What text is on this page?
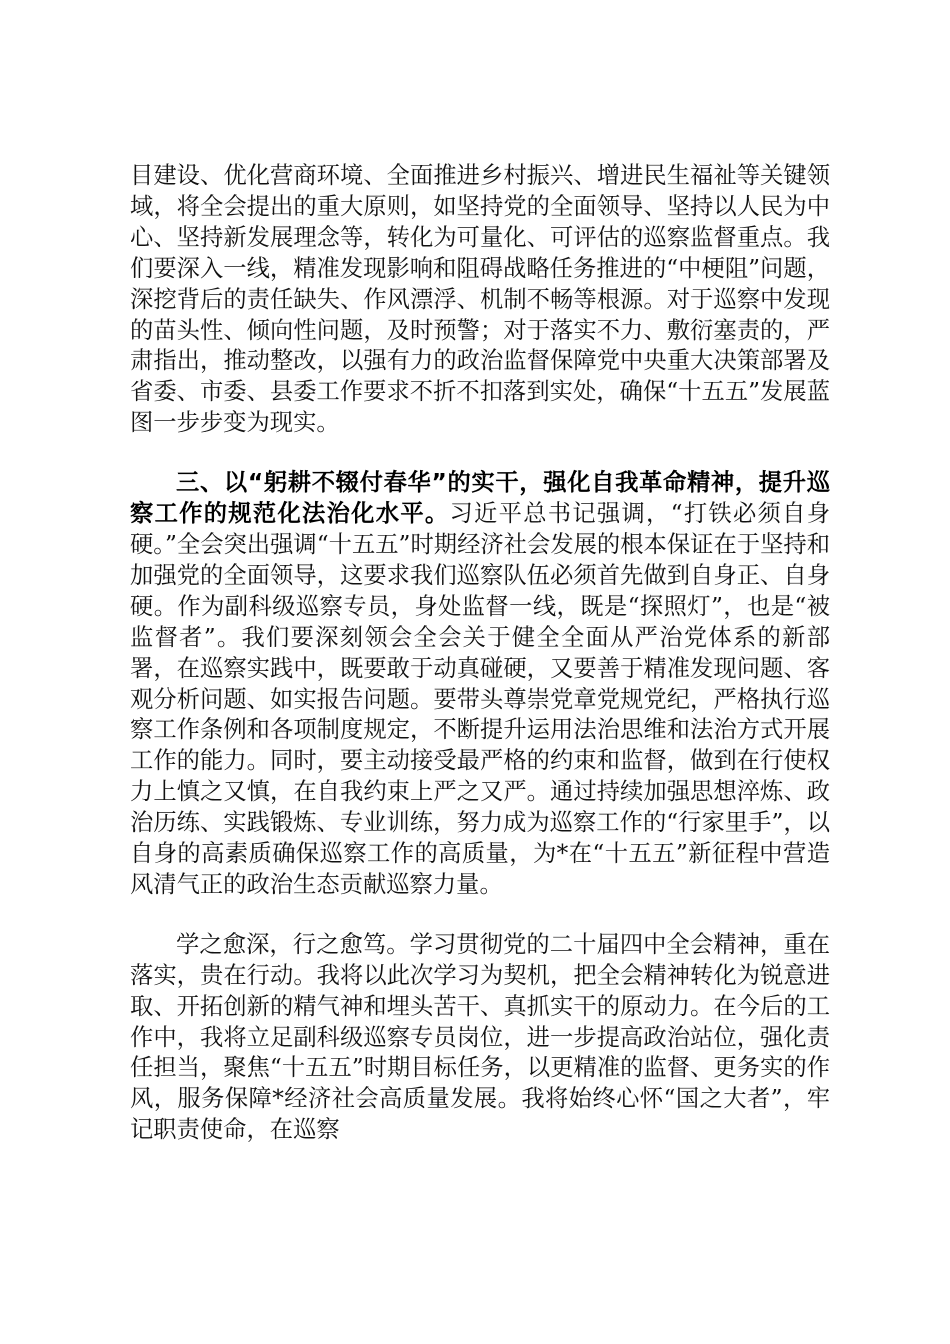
目建设、优化营商环境、全面推进乡村振兴、增进民生福祉等关键领域，将全会提出的重大原则，如坚持党的全面领导、坚持以人民为中心、坚持新发展理念等，转化为可量化、可评估的巡察监督重点。我们要深入一线，精准发现影响和阻碍战略任务推进的“中梗阻”问题，深挖背后的责任缺失、作风漂浮、机制不畅等根源。对于巡察中发现的苗头性、倾向性问题，及时预警；对于落实不力、敷衍塞责的，严肃指出，推动整改，以强有力的政治监督保障党中央重大决策部署及省委、市委、县委工作要求不折不扣落到实处，确保“十五五”发展蓝图一步步变为现实。

三、以“躬耕不辍付春华”的实干，强化自我革命精神，提升巡察工作的规范化法治化水平。习近平总书记强调，“打铁必须自身硬。”全会突出强调“十五五”时期经济社会发展的根本保证在于坚持和加强党的全面领导，这要求我们巡察队伍必须首先做到自身正、自身硬。作为副科级巡察专员，身处监督一线，既是“探照灯”，也是“被监督者”。我们要深刻领会全会关于健全全面从严治党体系的新部署，在巡察实践中，既要敢于动真碰硬，又要善于精准发现问题、客观分析问题、如实报告问题。要带头尊崇党章党规党纪，严格执行巡察工作条例和各项制度规定，不断提升运用法治思维和法治方式开展工作的能力。同时，要主动接受最严格的约束和监督，做到在行使权力上慎之又慎，在自我约束上严之又严。通过持续加强思想淬炼、政治历练、实践锻炼、专业训练，努力成为巡察工作的“行家里手”，以自身的高素质确保巡察工作的高质量，为*在“十五五”新征程中营造风清气正的政治生态贡献巡察力量。

学之愈深，行之愈笃。学习贯彻党的二十届四中全会精神，重在落实，贵在行动。我将以此次学习为契机，把全会精神转化为锐意进取、开拓创新的精气神和埋头苦干、真抓实干的原动力。在今后的工作中，我将立足副科级巡察专员岗位，进一步提高政治站位，强化责任担当，聚焦“十五五”时期目标任务，以更精准的监督、更务实的作风，服务保障*经济社会高质量发展。我将始终心怀“国之大者”，牢记职责使命，在巡察
